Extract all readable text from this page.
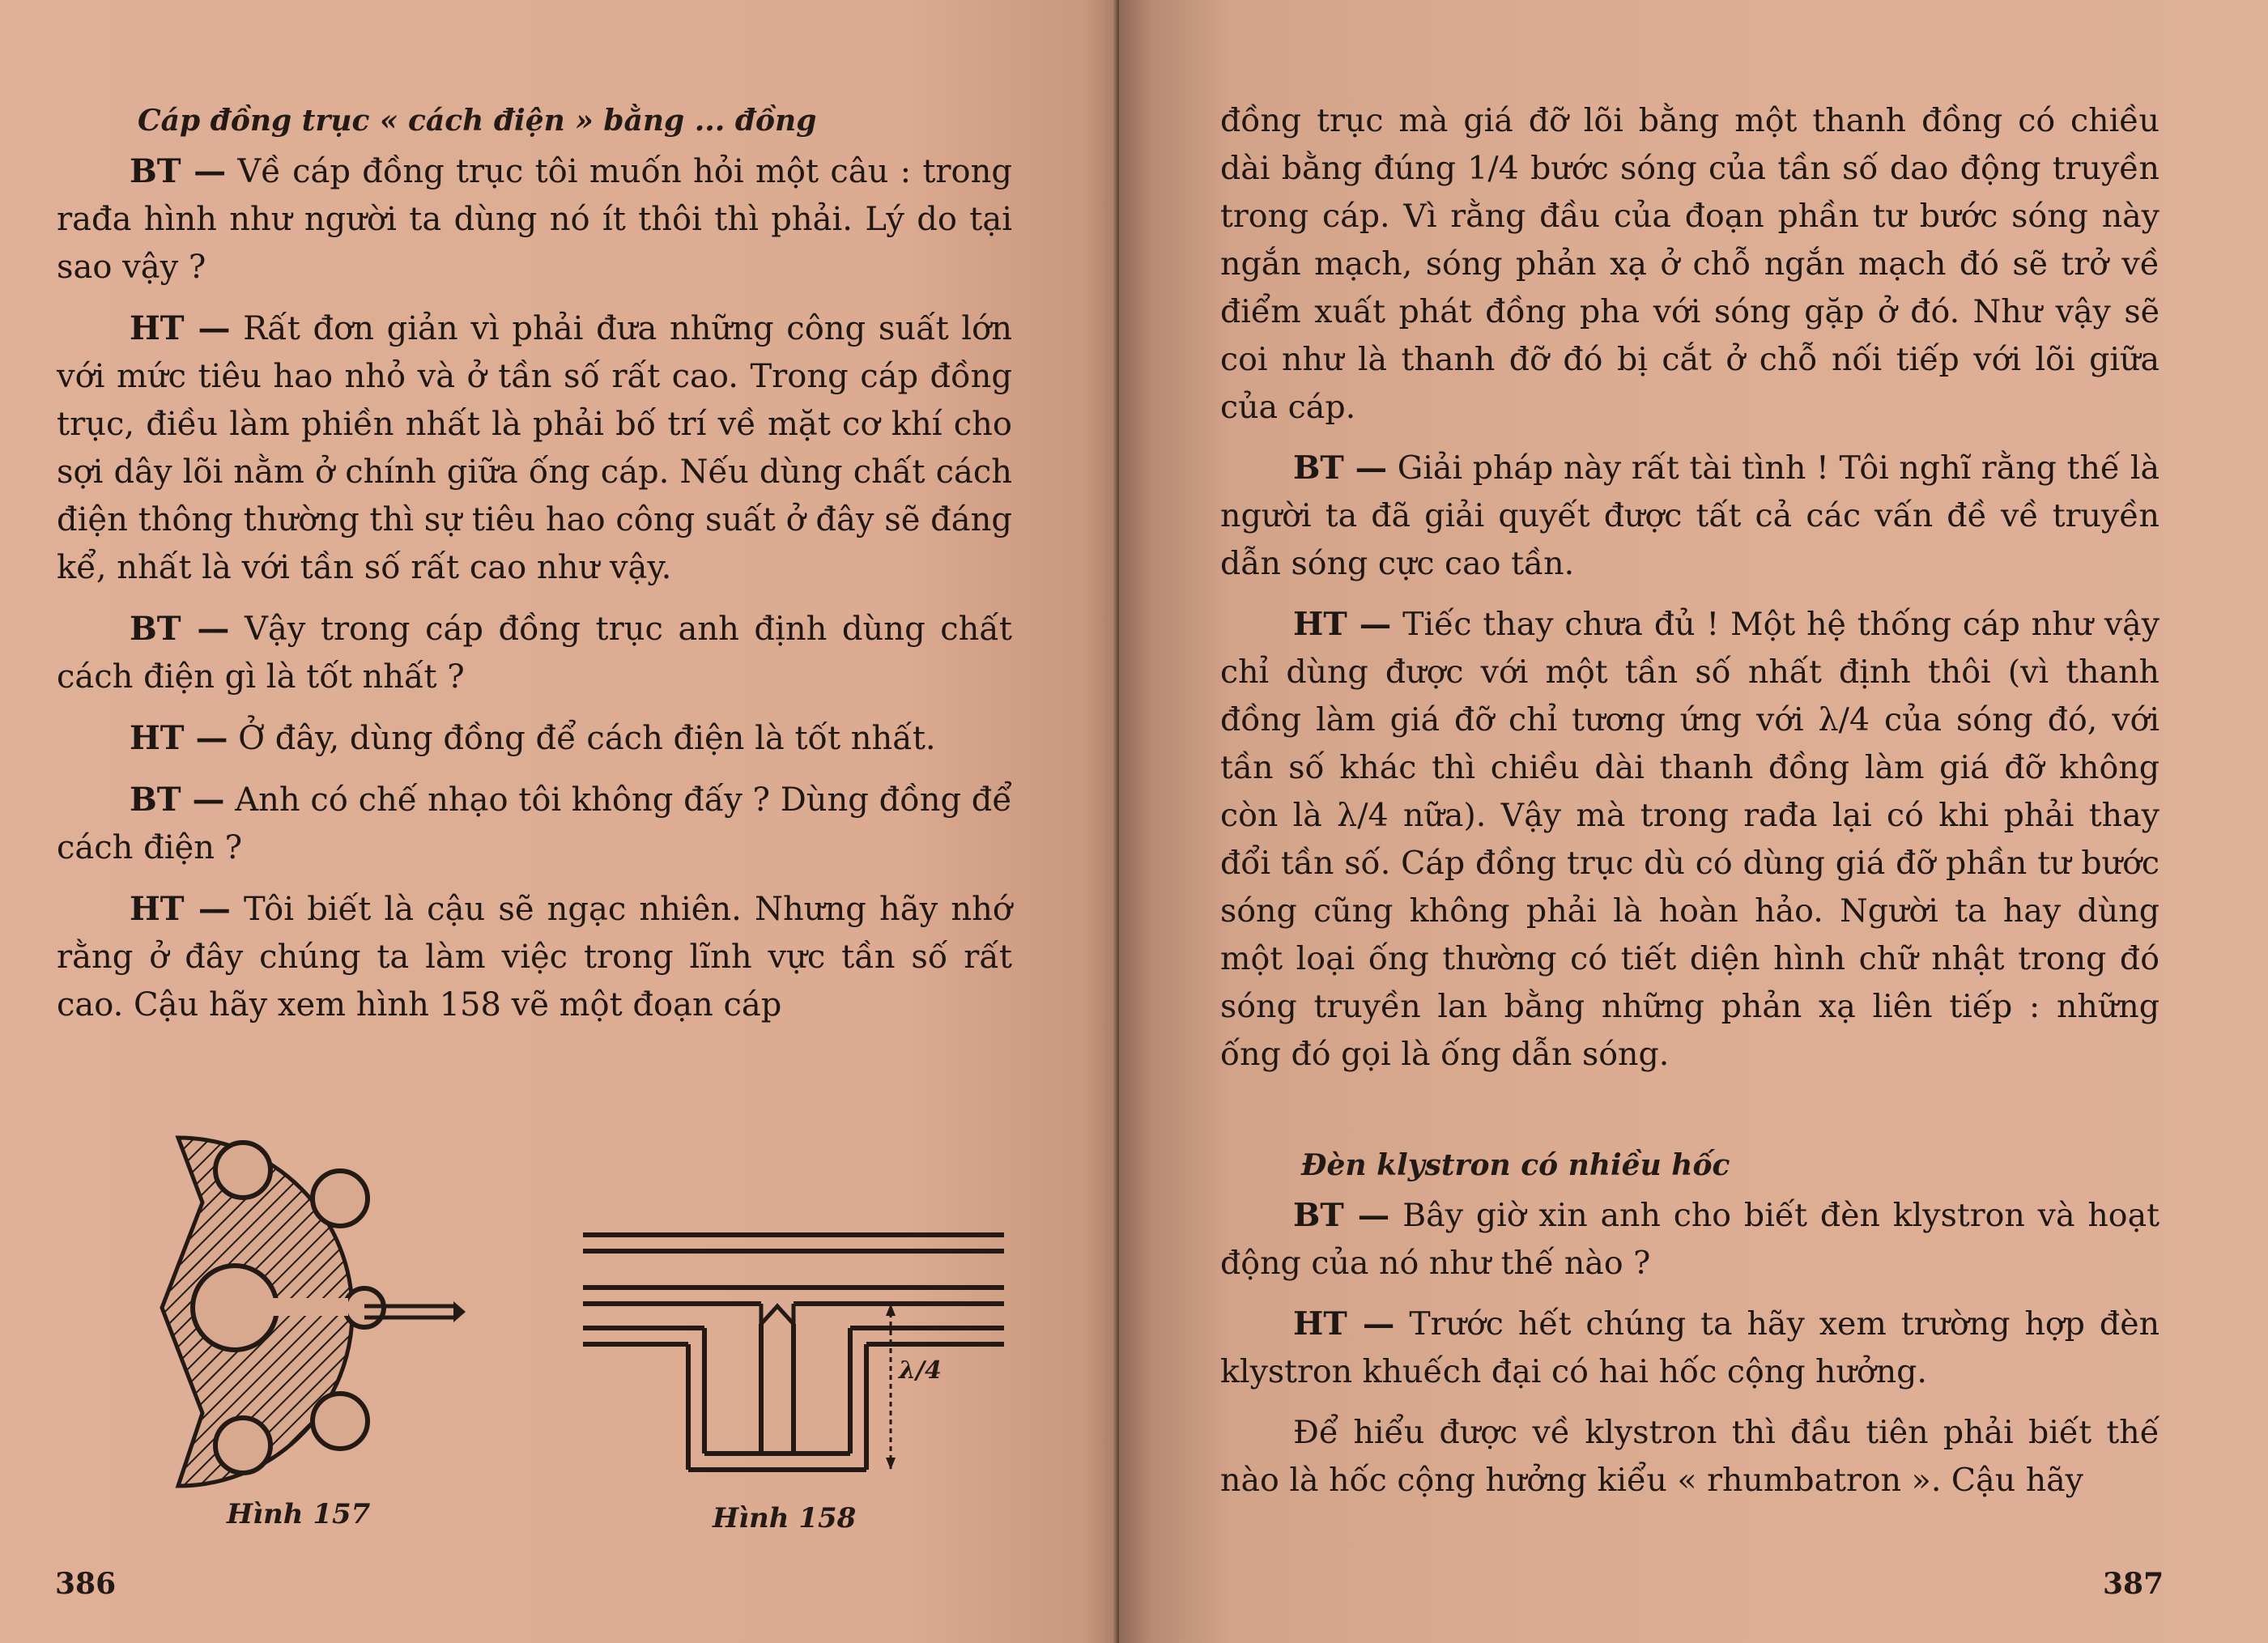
Cáp đồng trục « cách điện » bằng ... đồng

BT — Về cáp đồng trục tôi muốn hỏi một câu : trong rađa hình như người ta dùng nó ít thôi thì phải. Lý do tại sao vậy ?

HT — Rất đơn giản vì phải đưa những công suất lớn với mức tiêu hao nhỏ và ở tần số rất cao. Trong cáp đồng trục, điều làm phiền nhất là phải bố trí về mặt cơ khí cho sợi dây lõi nằm ở chính giữa ống cáp. Nếu dùng chất cách điện thông thường thì sự tiêu hao công suất ở đây sẽ đáng kể, nhất là với tần số rất cao như vậy.

BT — Vậy trong cáp đồng trục anh định dùng chất cách điện gì là tốt nhất ?

HT — Ở đây, dùng đồng để cách điện là tốt nhất.

BT — Anh có chế nhạo tôi không đấy ? Dùng đồng để cách điện ?

HT — Tôi biết là cậu sẽ ngạc nhiên. Nhưng hãy nhớ rằng ở đây chúng ta làm việc trong lĩnh vực tần số rất cao. Cậu hãy xem hình 158 vẽ một đoạn cáp

Hình 157
λ/4
Hình 158
386

đồng trục mà giá đỡ lõi bằng một thanh đồng có chiều dài bằng đúng 1/4 bước sóng của tần số dao động truyền trong cáp. Vì rằng đầu của đoạn phần tư bước sóng này ngắn mạch, sóng phản xạ ở chỗ ngắn mạch đó sẽ trở về điểm xuất phát đồng pha với sóng gặp ở đó. Như vậy sẽ coi như là thanh đỡ đó bị cắt ở chỗ nối tiếp với lõi giữa của cáp.

BT — Giải pháp này rất tài tình ! Tôi nghĩ rằng thế là người ta đã giải quyết được tất cả các vấn đề về truyền dẫn sóng cực cao tần.

HT — Tiếc thay chưa đủ ! Một hệ thống cáp như vậy chỉ dùng được với một tần số nhất định thôi (vì thanh đồng làm giá đỡ chỉ tương ứng với λ/4 của sóng đó, với tần số khác thì chiều dài thanh đồng làm giá đỡ không còn là λ/4 nữa). Vậy mà trong rađa lại có khi phải thay đổi tần số. Cáp đồng trục dù có dùng giá đỡ phần tư bước sóng cũng không phải là hoàn hảo. Người ta hay dùng một loại ống thường có tiết diện hình chữ nhật trong đó sóng truyền lan bằng những phản xạ liên tiếp : những ống đó gọi là ống dẫn sóng.

Đèn klystron có nhiều hốc

BT — Bây giờ xin anh cho biết đèn klystron và hoạt động của nó như thế nào ?

HT — Trước hết chúng ta hãy xem trường hợp đèn klystron khuếch đại có hai hốc cộng hưởng.

Để hiểu được về klystron thì đầu tiên phải biết thế nào là hốc cộng hưởng kiểu « rhumbatron ». Cậu hãy

387
